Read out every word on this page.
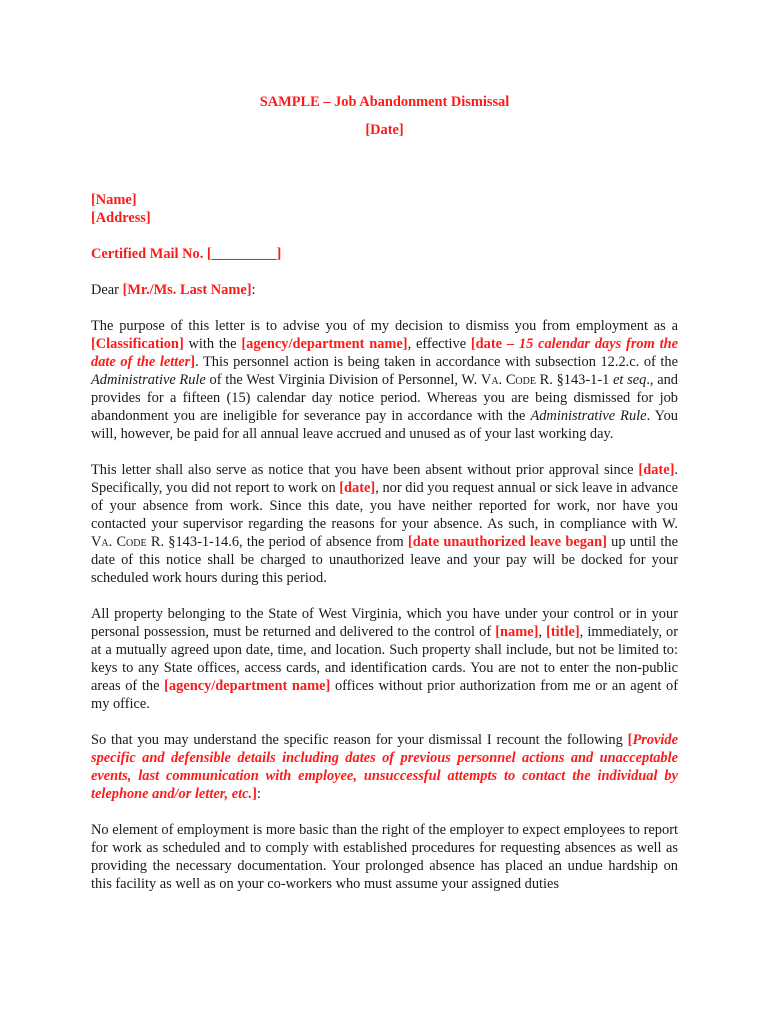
SAMPLE – Job Abandonment Dismissal

[Date]

[Name]

[Address]

Certified Mail No. [_________]

Dear [Mr./Ms. Last Name]:

The purpose of this letter is to advise you of my decision to dismiss you from employment as a [Classification] with the [agency/department name], effective [date – 15 calendar days from the date of the letter]. This personnel action is being taken in accordance with subsection 12.2.c. of the Administrative Rule of the West Virginia Division of Personnel, W. Va. Code R. §143-1-1 et seq., and provides for a fifteen (15) calendar day notice period. Whereas you are being dismissed for job abandonment you are ineligible for severance pay in accordance with the Administrative Rule. You will, however, be paid for all annual leave accrued and unused as of your last working day.

This letter shall also serve as notice that you have been absent without prior approval since [date]. Specifically, you did not report to work on [date], nor did you request annual or sick leave in advance of your absence from work. Since this date, you have neither reported for work, nor have you contacted your supervisor regarding the reasons for your absence. As such, in compliance with W. Va. Code R. §143-1-14.6, the period of absence from [date unauthorized leave began] up until the date of this notice shall be charged to unauthorized leave and your pay will be docked for your scheduled work hours during this period.

All property belonging to the State of West Virginia, which you have under your control or in your personal possession, must be returned and delivered to the control of [name], [title], immediately, or at a mutually agreed upon date, time, and location. Such property shall include, but not be limited to: keys to any State offices, access cards, and identification cards. You are not to enter the non-public areas of the [agency/department name] offices without prior authorization from me or an agent of my office.

So that you may understand the specific reason for your dismissal I recount the following [Provide specific and defensible details including dates of previous personnel actions and unacceptable events, last communication with employee, unsuccessful attempts to contact the individual by telephone and/or letter, etc.]:

No element of employment is more basic than the right of the employer to expect employees to report for work as scheduled and to comply with established procedures for requesting absences as well as providing the necessary documentation. Your prolonged absence has placed an undue hardship on this facility as well as on your co-workers who must assume your assigned duties
